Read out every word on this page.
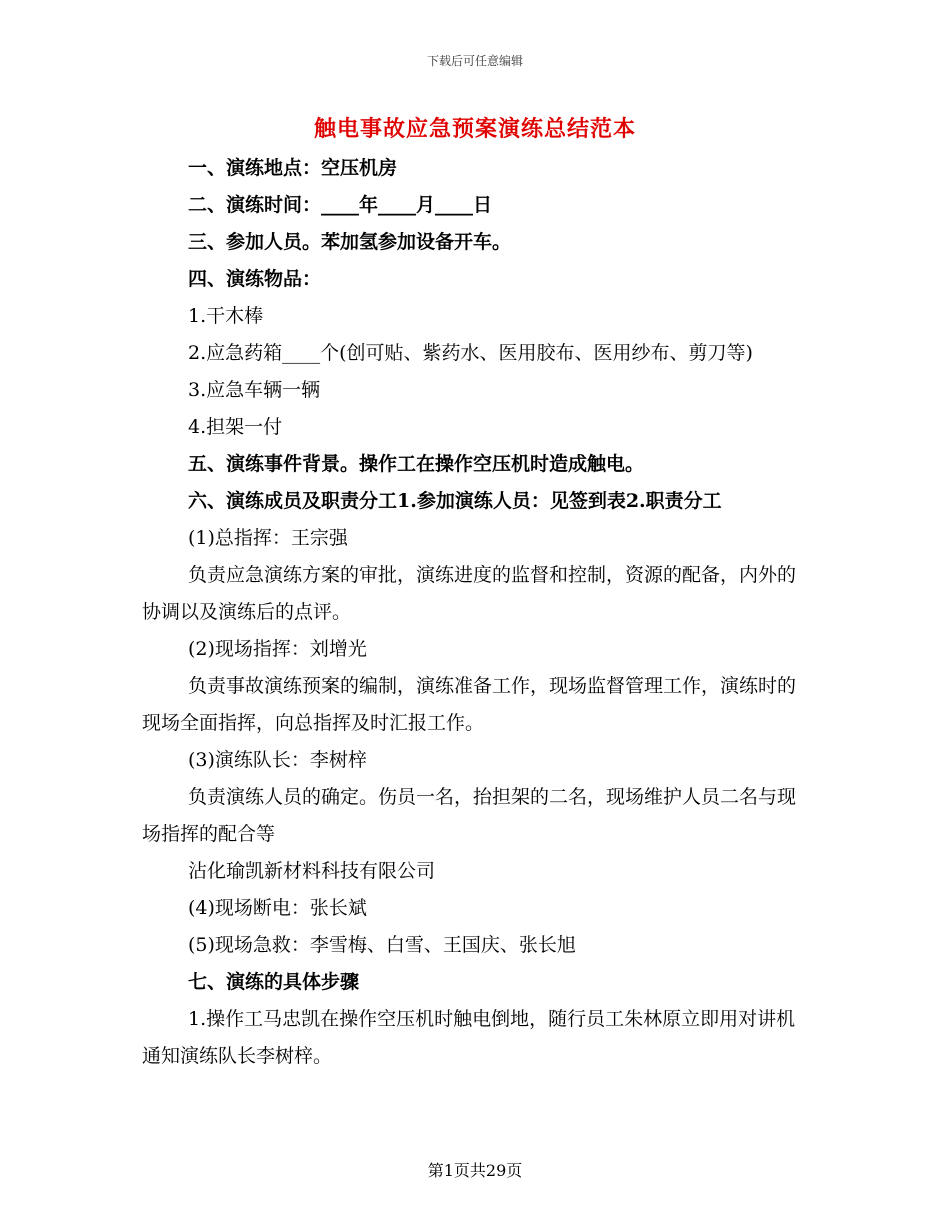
下载后可任意编辑
触电事故应急预案演练总结范本

一、演练地点：空压机房

二、演练时间：____年____月____日

三、参加人员。苯加氢参加设备开车。

四、演练物品：

1.干木棒

2.应急药箱____个(创可贴、紫药水、医用胶布、医用纱布、剪刀等)

3.应急车辆一辆

4.担架一付

五、演练事件背景。操作工在操作空压机时造成触电。

六、演练成员及职责分工1.参加演练人员：见签到表2.职责分工

(1)总指挥：王宗强

负责应急演练方案的审批，演练进度的监督和控制，资源的配备，内外的协调以及演练后的点评。

(2)现场指挥：刘增光

负责事故演练预案的编制，演练准备工作，现场监督管理工作，演练时的现场全面指挥，向总指挥及时汇报工作。

(3)演练队长：李树梓

负责演练人员的确定。伤员一名，抬担架的二名，现场维护人员二名与现场指挥的配合等

沾化瑜凯新材料科技有限公司

(4)现场断电：张长斌

(5)现场急救：李雪梅、白雪、王国庆、张长旭

七、演练的具体步骤

1.操作工马忠凯在操作空压机时触电倒地，随行员工朱林原立即用对讲机通知演练队长李树梓。

第1页共29页
